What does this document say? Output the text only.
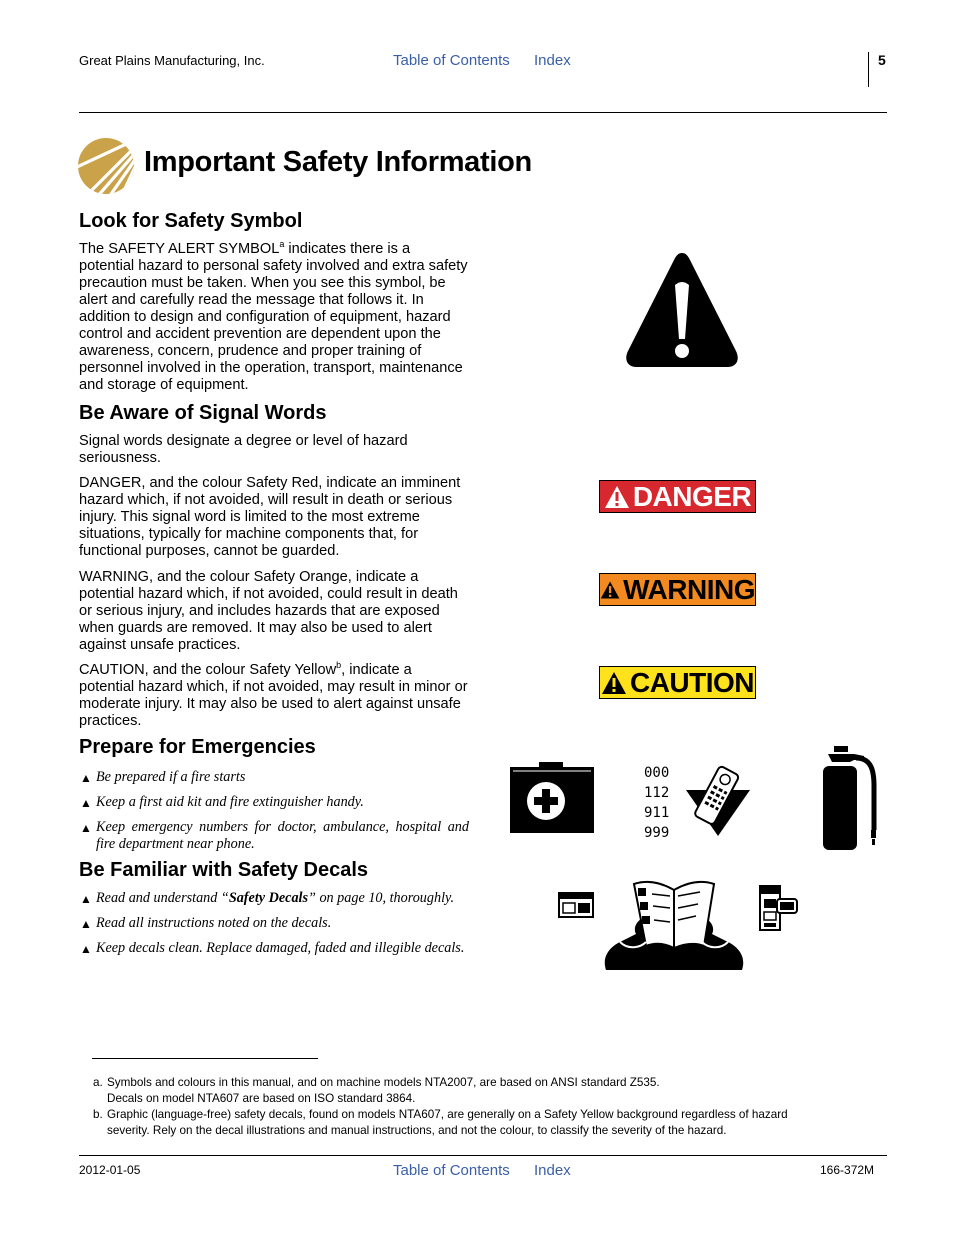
Great Plains Manufacturing, Inc.	Table of Contents Index	5
Important Safety Information
Look for Safety Symbol
The SAFETY ALERT SYMBOL$^a$ indicates there is a potential hazard to personal safety involved and extra safety precaution must be taken. When you see this symbol, be alert and carefully read the message that follows it. In addition to design and configuration of equipment, hazard control and accident prevention are dependent upon the awareness, concern, prudence and proper training of personnel involved in the operation, transport, maintenance and storage of equipment.
Be Aware of Signal Words
Signal words designate a degree or level of hazard seriousness.
DANGER, and the colour Safety Red, indicate an imminent hazard which, if not avoided, will result in death or serious injury. This signal word is limited to the most extreme situations, typically for machine components that, for functional purposes, cannot be guarded.
WARNING, and the colour Safety Orange, indicate a potential hazard which, if not avoided, could result in death or serious injury, and includes hazards that are exposed when guards are removed. It may also be used to alert against unsafe practices.
CAUTION, and the colour Safety Yellow$^b$, indicate a potential hazard which, if not avoided, may result in minor or moderate injury. It may also be used to alert against unsafe practices.
DANGER
WARNING
CAUTION
Prepare for Emergencies
▲ Be prepared if a fire starts
▲ Keep a first aid kit and fire extinguisher handy.
▲ Keep emergency numbers for doctor, ambulance, hospital and fire department near phone.
000
112
911
999
Be Familiar with Safety Decals
▲ Read and understand “Safety Decals” on page 10, thoroughly.
▲ Read all instructions noted on the decals.
▲ Keep decals clean. Replace damaged, faded and illegible decals.
a. Symbols and colours in this manual, and on machine models NTA2007, are based on ANSI standard Z535.
Decals on model NTA607 are based on ISO standard 3864.
b. Graphic (language-free) safety decals, found on models NTA607, are generally on a Safety Yellow background regardless of hazard
severity. Rely on the decal illustrations and manual instructions, and not the colour, to classify the severity of the hazard.
2012-01-05	Table of Contents Index	166-372M
